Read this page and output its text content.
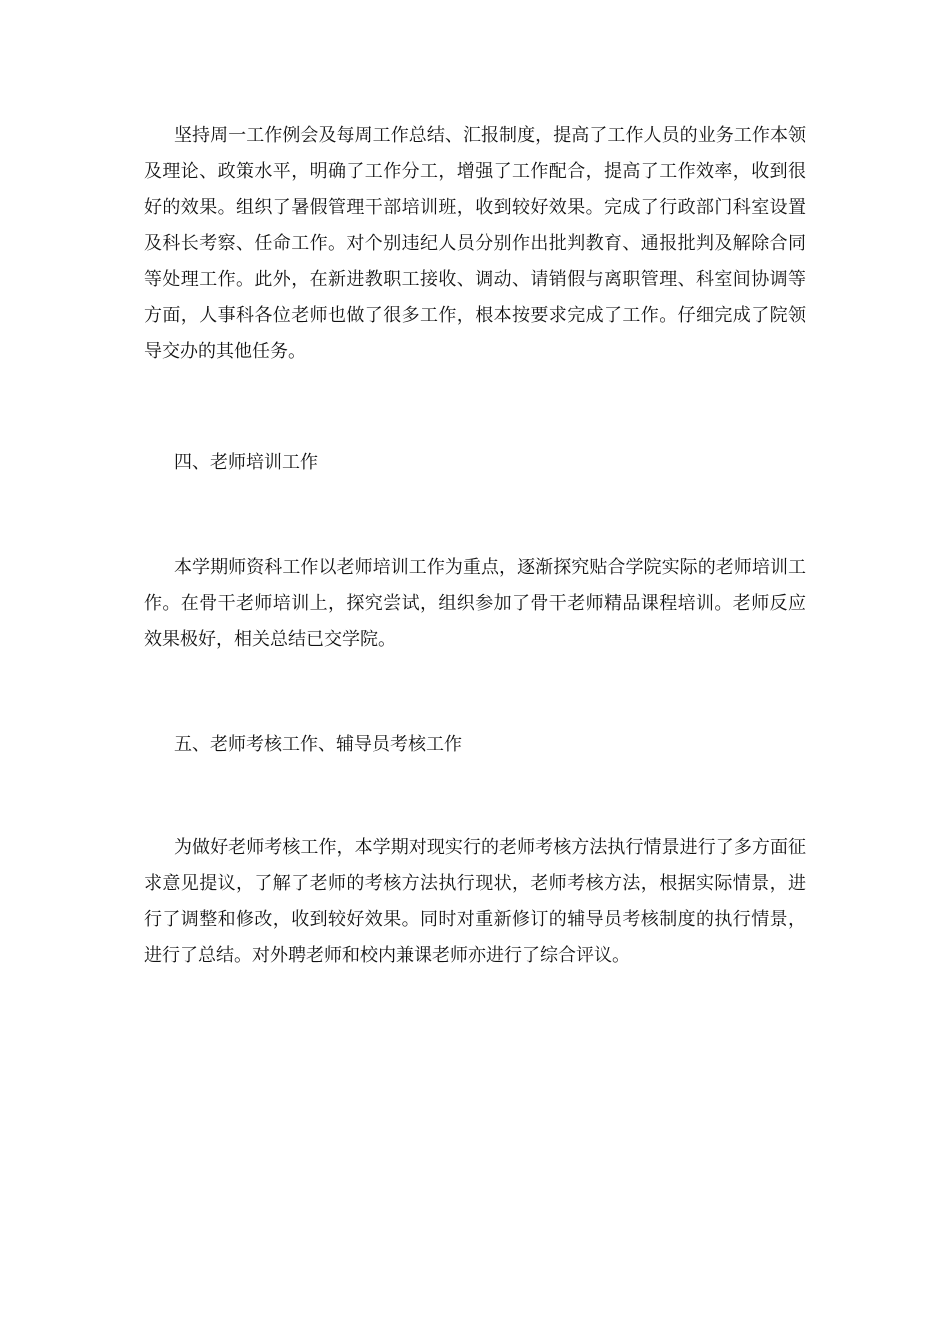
坚持周一工作例会及每周工作总结、汇报制度，提高了工作人员的业务工作本领及理论、政策水平，明确了工作分工，增强了工作配合，提高了工作效率，收到很好的效果。组织了暑假管理干部培训班，收到较好效果。完成了行政部门科室设置及科长考察、任命工作。对个别违纪人员分别作出批判教育、通报批判及解除合同等处理工作。此外，在新进教职工接收、调动、请销假与离职管理、科室间协调等方面，人事科各位老师也做了很多工作，根本按要求完成了工作。仔细完成了院领导交办的其他任务。

四、老师培训工作

本学期师资科工作以老师培训工作为重点，逐渐探究贴合学院实际的老师培训工作。在骨干老师培训上，探究尝试，组织参加了骨干老师精品课程培训。老师反应效果极好，相关总结已交学院。

五、老师考核工作、辅导员考核工作

为做好老师考核工作，本学期对现实行的老师考核方法执行情景进行了多方面征求意见提议，了解了老师的考核方法执行现状，老师考核方法，根据实际情景，进行了调整和修改，收到较好效果。同时对重新修订的辅导员考核制度的执行情景，进行了总结。对外聘老师和校内兼课老师亦进行了综合评议。
